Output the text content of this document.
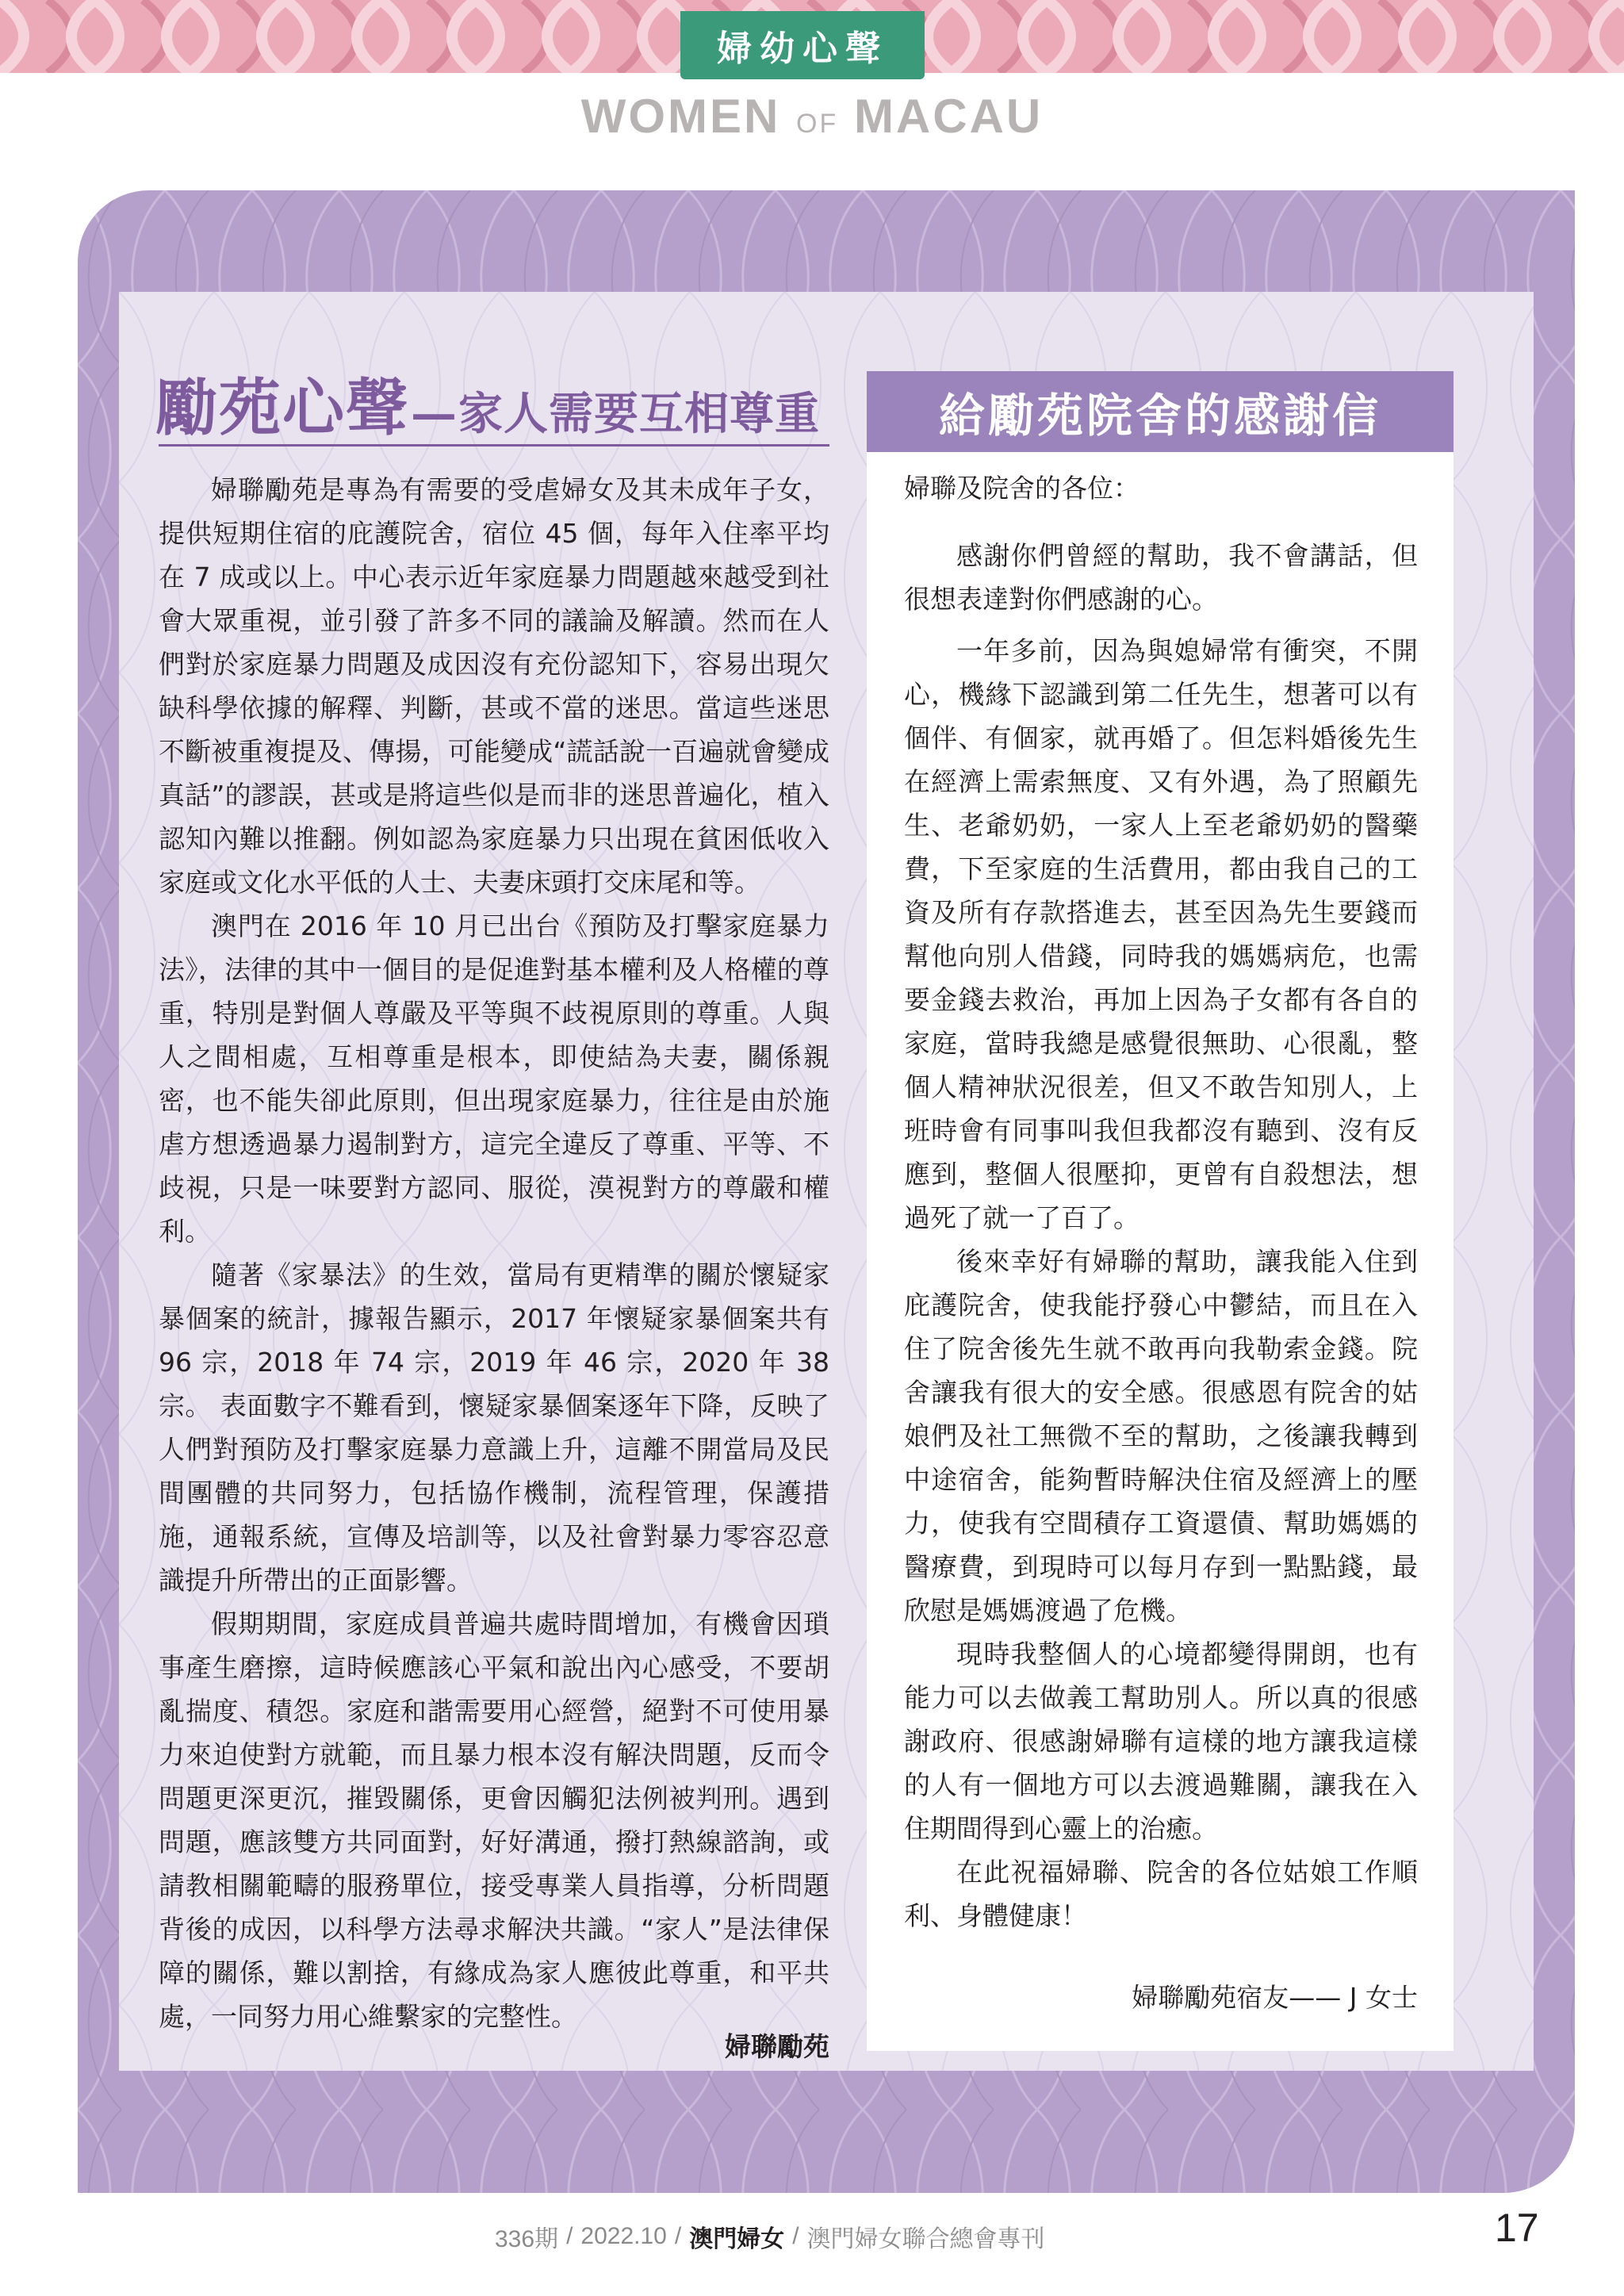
婦幼心聲
WOMEN OF MACAU
勵苑心聲 — 家人需要互相尊重

婦聯勵苑是專為有需要的受虐婦女及其未成年子女，提供短期住宿的庇護院舍，宿位 45 個，每年入住率平均在 7 成或以上。中心表示近年家庭暴力問題越來越受到社會大眾重視，並引發了許多不同的議論及解讀。然而在人們對於家庭暴力問題及成因沒有充份認知下，容易出現欠缺科學依據的解釋、判斷，甚或不當的迷思。當這些迷思不斷被重複提及、傳揚，可能變成“謊話說一百遍就會變成真話”的謬誤，甚或是將這些似是而非的迷思普遍化，植入認知內難以推翻。例如認為家庭暴力只出現在貧困低收入家庭或文化水平低的人士、夫妻床頭打交床尾和等。

澳門在 2016 年 10 月已出台《預防及打擊家庭暴力法》，法律的其中一個目的是促進對基本權利及人格權的尊重，特別是對個人尊嚴及平等與不歧視原則的尊重。人與人之間相處，互相尊重是根本，即使結為夫妻，關係親密，也不能失卻此原則，但出現家庭暴力，往往是由於施虐方想透過暴力遏制對方，這完全違反了尊重、平等、不歧視，只是一味要對方認同、服從，漠視對方的尊嚴和權利。

隨著《家暴法》的生效，當局有更精準的關於懷疑家暴個案的統計，據報告顯示，2017 年懷疑家暴個案共有 96 宗，2018 年 74 宗，2019 年 46 宗，2020 年 38 宗。 表面數字不難看到，懷疑家暴個案逐年下降，反映了人們對預防及打擊家庭暴力意識上升，這離不開當局及民間團體的共同努力，包括協作機制，流程管理，保護措施，通報系統，宣傳及培訓等，以及社會對暴力零容忍意識提升所帶出的正面影響。

假期期間，家庭成員普遍共處時間增加，有機會因瑣事產生磨擦，這時候應該心平氣和說出內心感受，不要胡亂揣度、積怨。家庭和諧需要用心經營，絕對不可使用暴力來迫使對方就範，而且暴力根本沒有解決問題，反而令問題更深更沉，摧毀關係，更會因觸犯法例被判刑。遇到問題，應該雙方共同面對，好好溝通，撥打熱線諮詢，或請教相關範疇的服務單位，接受專業人員指導，分析問題背後的成因，以科學方法尋求解決共識。“家人”是法律保障的關係，難以割捨，有緣成為家人應彼此尊重，和平共處，一同努力用心維繫家的完整性。

婦聯勵苑
給勵苑院舍的感謝信

婦聯及院舍的各位：

感謝你們曾經的幫助，我不會講話，但很想表達對你們感謝的心。

一年多前，因為與媳婦常有衝突，不開心，機緣下認識到第二任先生，想著可以有個伴、有個家，就再婚了。但怎料婚後先生在經濟上需索無度、又有外遇，為了照顧先生、老爺奶奶，一家人上至老爺奶奶的醫藥費，下至家庭的生活費用，都由我自己的工資及所有存款搭進去，甚至因為先生要錢而幫他向別人借錢，同時我的媽媽病危，也需要金錢去救治，再加上因為子女都有各自的家庭，當時我總是感覺很無助、心很亂，整個人精神狀況很差，但又不敢告知別人，上班時會有同事叫我但我都沒有聽到、沒有反應到，整個人很壓抑，更曾有自殺想法，想過死了就一了百了。

後來幸好有婦聯的幫助，讓我能入住到庇護院舍，使我能抒發心中鬱結，而且在入住了院舍後先生就不敢再向我勒索金錢。院舍讓我有很大的安全感。很感恩有院舍的姑娘們及社工無微不至的幫助，之後讓我轉到中途宿舍，能夠暫時解決住宿及經濟上的壓力，使我有空間積存工資還債、幫助媽媽的醫療費，到現時可以每月存到一點點錢，最欣慰是媽媽渡過了危機。

現時我整個人的心境都變得開朗，也有能力可以去做義工幫助別人。所以真的很感謝政府、很感謝婦聯有這樣的地方讓我這樣的人有一個地方可以去渡過難關，讓我在入住期間得到心靈上的治癒。

在此祝福婦聯、院舍的各位姑娘工作順利、身體健康！

婦聯勵苑宿友—— J 女士
336期 / 2022.10 / 澳門婦女 / 澳門婦女聯合總會專刊	17
